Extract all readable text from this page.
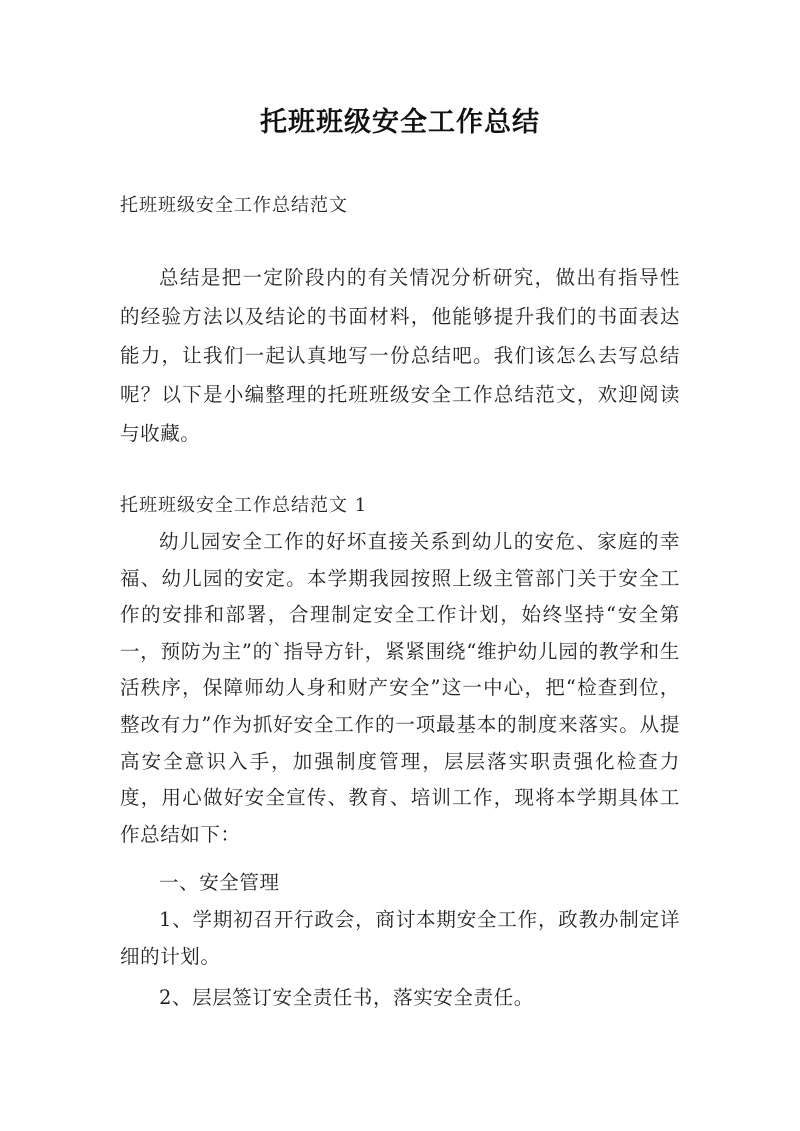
托班班级安全工作总结
托班班级安全工作总结范文

总结是把一定阶段内的有关情况分析研究，做出有指导性的经验方法以及结论的书面材料，他能够提升我们的书面表达能力，让我们一起认真地写一份总结吧。我们该怎么去写总结呢？以下是小编整理的托班班级安全工作总结范文，欢迎阅读与收藏。

托班班级安全工作总结范文 1

幼儿园安全工作的好坏直接关系到幼儿的安危、家庭的幸福、幼儿园的安定。本学期我园按照上级主管部门关于安全工作的安排和部署，合理制定安全工作计划，始终坚持“安全第一，预防为主”的`指导方针，紧紧围绕“维护幼儿园的教学和生活秩序，保障师幼人身和财产安全”这一中心，把“检查到位，整改有力”作为抓好安全工作的一项最基本的制度来落实。从提高安全意识入手，加强制度管理，层层落实职责强化检查力度，用心做好安全宣传、教育、培训工作，现将本学期具体工作总结如下：

一、安全管理

1、学期初召开行政会，商讨本期安全工作，政教办制定详细的计划。

2、层层签订安全责任书，落实安全责任。
